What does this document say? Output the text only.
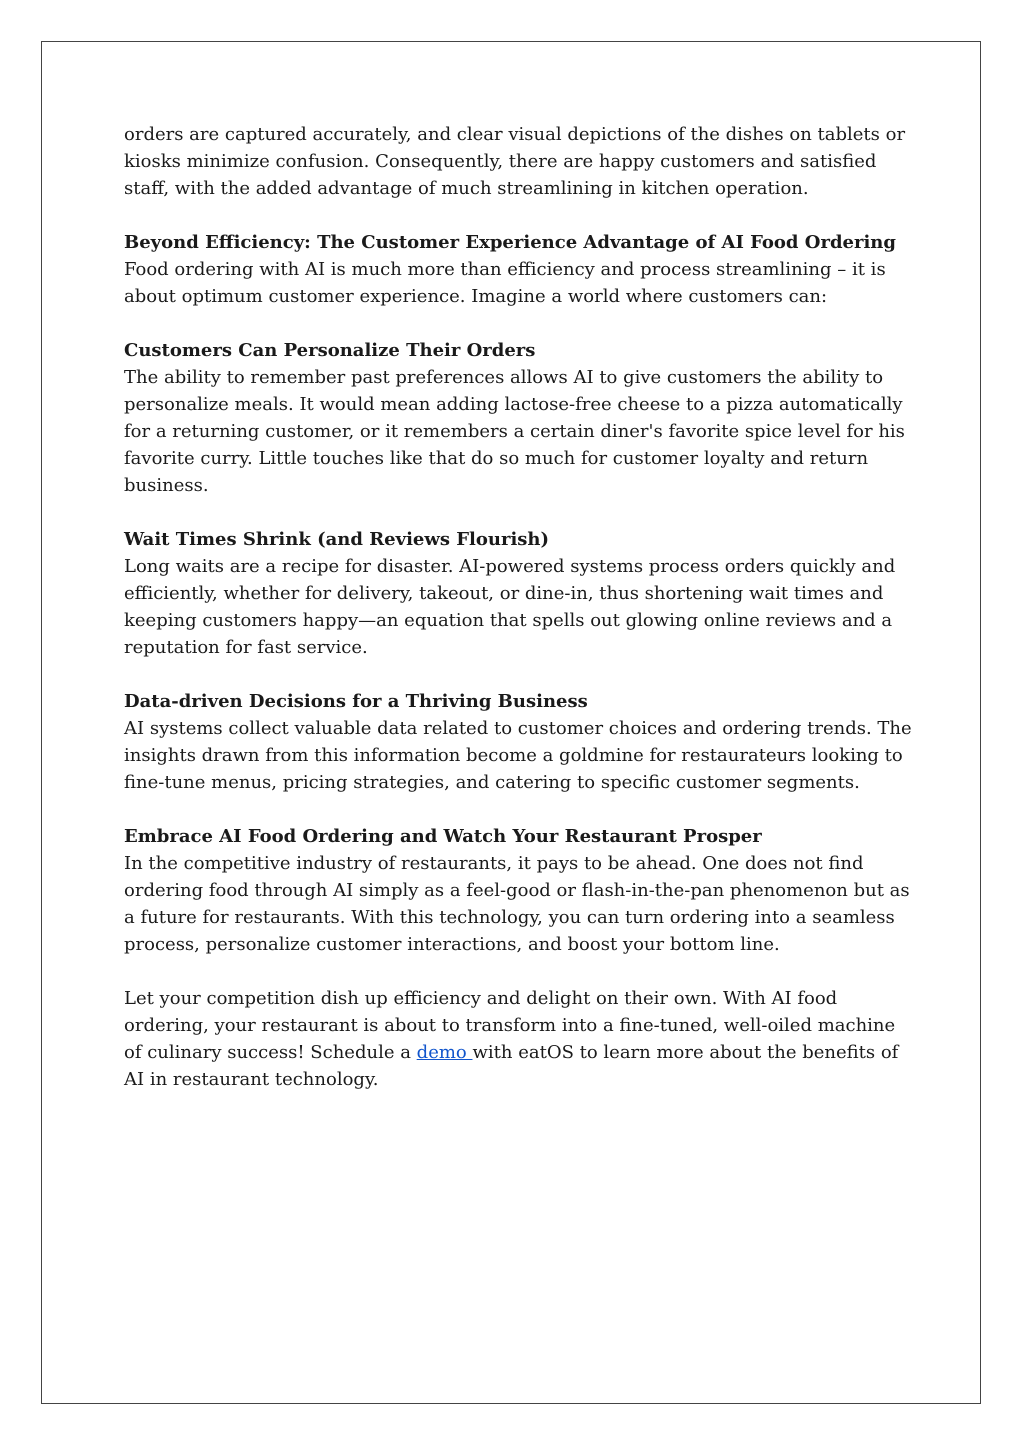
orders are captured accurately, and clear visual depictions of the dishes on tablets or kiosks minimize confusion. Consequently, there are happy customers and satisfied staff, with the added advantage of much streamlining in kitchen operation.

Beyond Efficiency: The Customer Experience Advantage of AI Food Ordering

Food ordering with AI is much more than efficiency and process streamlining – it is about optimum customer experience. Imagine a world where customers can:

Customers Can Personalize Their Orders

The ability to remember past preferences allows AI to give customers the ability to personalize meals. It would mean adding lactose-free cheese to a pizza automatically for a returning customer, or it remembers a certain diner's favorite spice level for his favorite curry. Little touches like that do so much for customer loyalty and return business.

Wait Times Shrink (and Reviews Flourish)

Long waits are a recipe for disaster. AI-powered systems process orders quickly and efficiently, whether for delivery, takeout, or dine-in, thus shortening wait times and keeping customers happy—an equation that spells out glowing online reviews and a reputation for fast service.

Data-driven Decisions for a Thriving Business

AI systems collect valuable data related to customer choices and ordering trends. The insights drawn from this information become a goldmine for restaurateurs looking to fine-tune menus, pricing strategies, and catering to specific customer segments.

Embrace AI Food Ordering and Watch Your Restaurant Prosper

In the competitive industry of restaurants, it pays to be ahead. One does not find ordering food through AI simply as a feel-good or flash-in-the-pan phenomenon but as a future for restaurants. With this technology, you can turn ordering into a seamless process, personalize customer interactions, and boost your bottom line.

Let your competition dish up efficiency and delight on their own. With AI food ordering, your restaurant is about to transform into a fine-tuned, well-oiled machine of culinary success! Schedule a demo with eatOS to learn more about the benefits of AI in restaurant technology.
